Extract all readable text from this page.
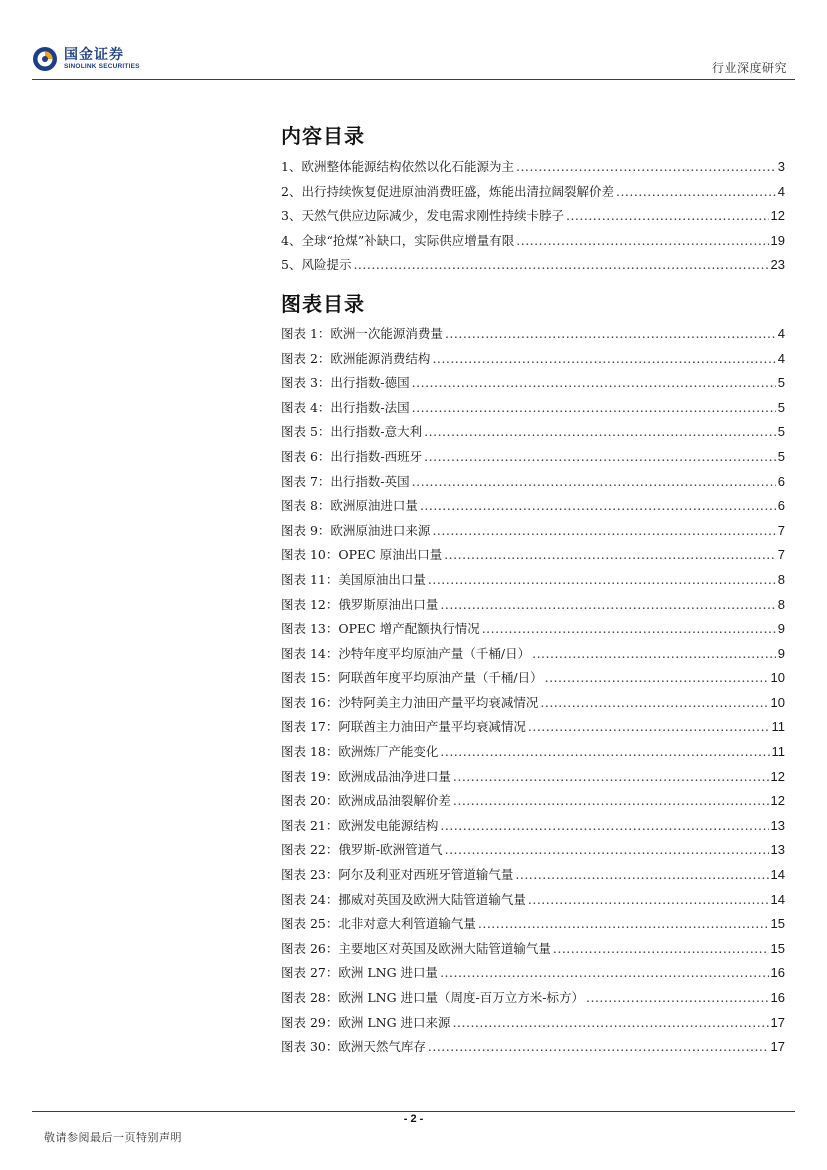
国金证券
SINOLINK SECURITIES	行业深度研究
内容目录
1、欧洲整体能源结构依然以化石能源为主 .....	3
2、出行持续恢复促进原油消费旺盛，炼能出清拉阔裂解价差 .....	4
3、天然气供应边际减少，发电需求刚性持续卡脖子 .....	12
4、全球“抢煤”补缺口，实际供应增量有限 .....	19
5、风险提示 .....	23
图表目录
图表 1：欧洲一次能源消费量 .....	4
图表 2：欧洲能源消费结构 .....	4
图表 3：出行指数-德国 .....	5
图表 4：出行指数-法国 .....	5
图表 5：出行指数-意大利 .....	5
图表 6：出行指数-西班牙 .....	5
图表 7：出行指数-英国 .....	6
图表 8：欧洲原油进口量 .....	6
图表 9：欧洲原油进口来源 .....	7
图表 10：OPEC 原油出口量 .....	7
图表 11：美国原油出口量 .....	8
图表 12：俄罗斯原油出口量 .....	8
图表 13：OPEC 增产配额执行情况 .....	9
图表 14：沙特年度平均原油产量（千桶/日） .....	9
图表 15：阿联酋年度平均原油产量（千桶/日） .....	10
图表 16：沙特阿美主力油田产量平均衰减情况 .....	10
图表 17：阿联酋主力油田产量平均衰减情况 .....	11
图表 18：欧洲炼厂产能变化 .....	11
图表 19：欧洲成品油净进口量 .....	12
图表 20：欧洲成品油裂解价差 .....	12
图表 21：欧洲发电能源结构 .....	13
图表 22：俄罗斯-欧洲管道气 .....	13
图表 23：阿尔及利亚对西班牙管道输气量 .....	14
图表 24：挪威对英国及欧洲大陆管道输气量 .....	14
图表 25：北非对意大利管道输气量 .....	15
图表 26：主要地区对英国及欧洲大陆管道输气量 .....	15
图表 27：欧洲 LNG 进口量 .....	16
图表 28：欧洲 LNG 进口量（周度-百万立方米-标方） .....	16
图表 29：欧洲 LNG 进口来源 .....	17
图表 30：欧洲天然气库存 .....	17
- 2 -
敬请参阅最后一页特别声明
